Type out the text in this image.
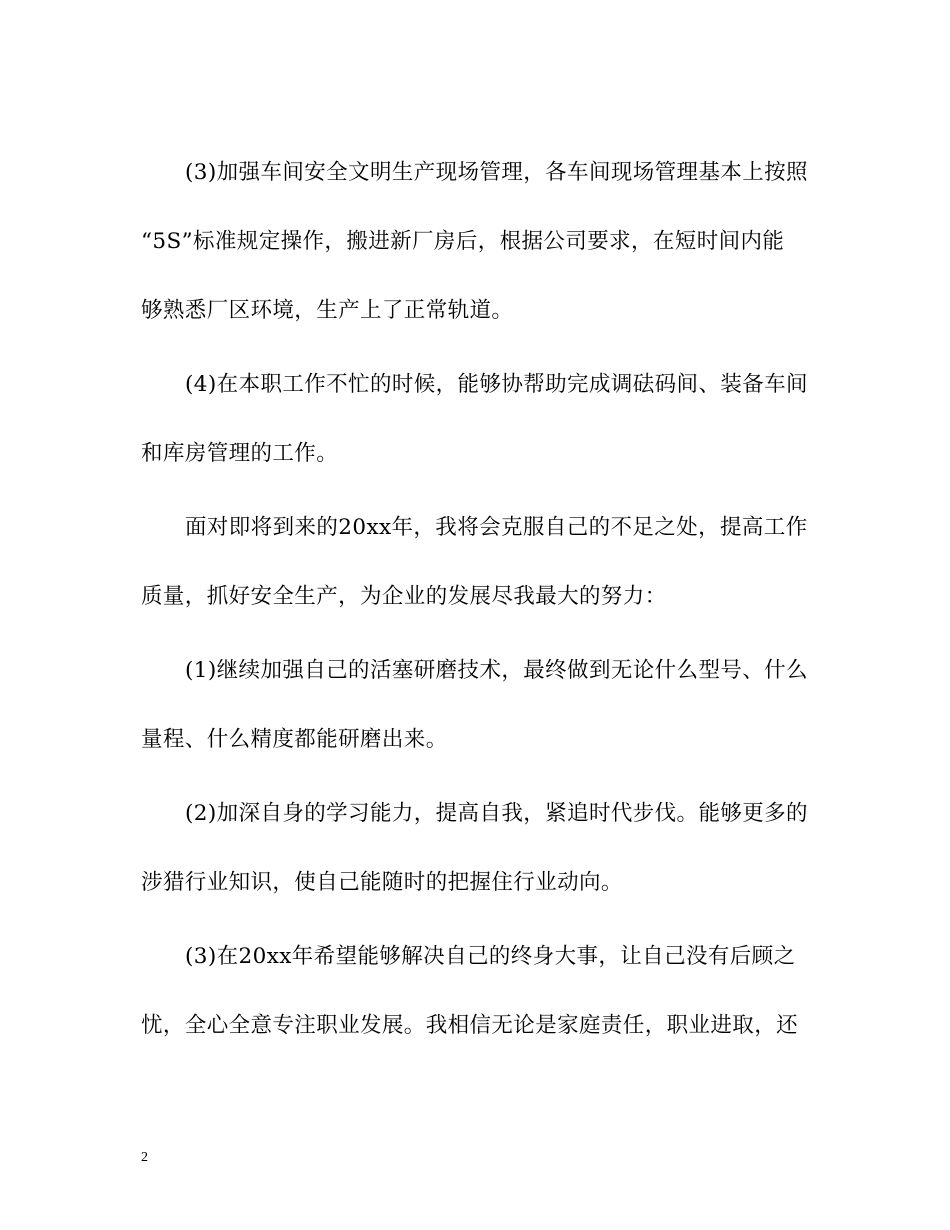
(3)加强车间安全文明生产现场管理，各车间现场管理基本上按照
“5S”标准规定操作，搬进新厂房后，根据公司要求，在短时间内能
够熟悉厂区环境，生产上了正常轨道。

(4)在本职工作不忙的时候，能够协帮助完成调砝码间、装备车间
和库房管理的工作。

面对即将到来的20xx年，我将会克服自己的不足之处，提高工作
质量，抓好安全生产，为企业的发展尽我最大的努力：

(1)继续加强自己的活塞研磨技术，最终做到无论什么型号、什么
量程、什么精度都能研磨出来。

(2)加深自身的学习能力，提高自我，紧追时代步伐。能够更多的
涉猎行业知识，使自己能随时的把握住行业动向。

(3)在20xx年希望能够解决自己的终身大事，让自己没有后顾之
忧，全心全意专注职业发展。我相信无论是家庭责任，职业进取，还

2
